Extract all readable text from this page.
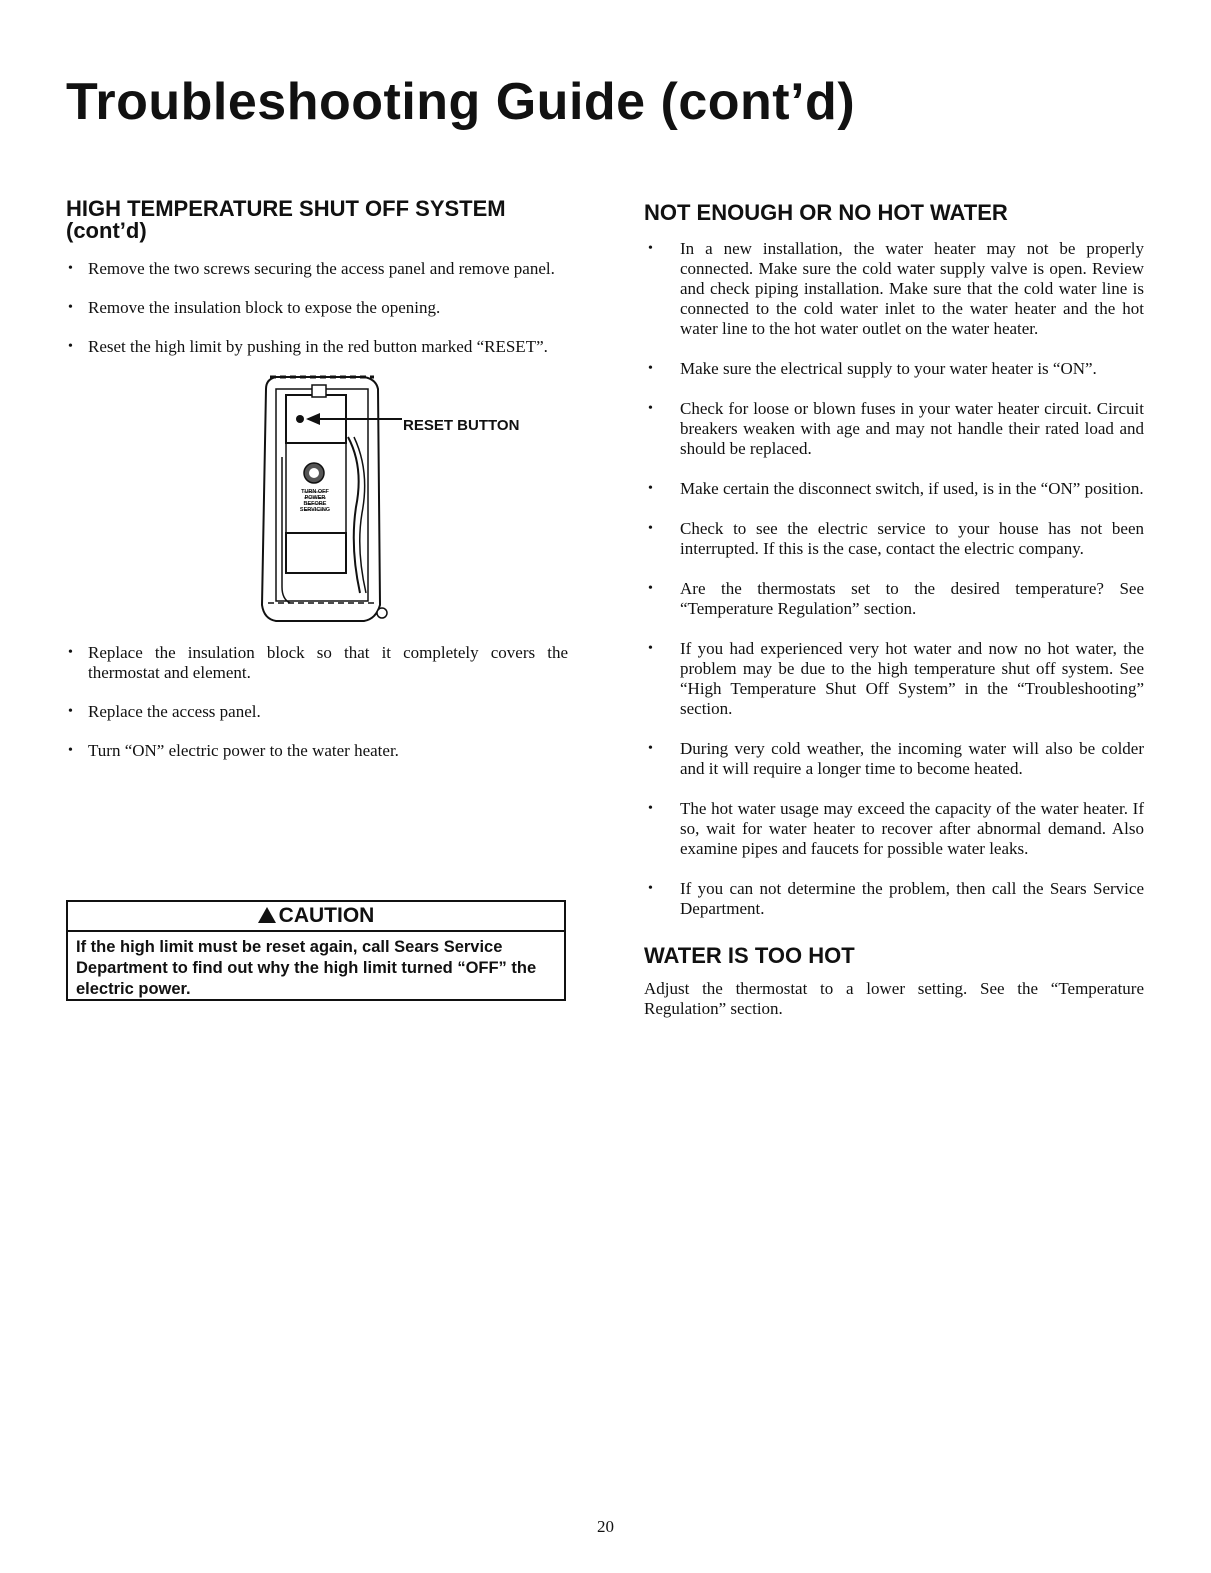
Troubleshooting Guide (cont’d)
HIGH TEMPERATURE SHUT OFF SYSTEM
(cont’d)
• Remove the two screws securing the access panel and remove panel.
• Remove the insulation block to expose the opening.
• Reset the high limit by pushing in the red button marked “RESET”.
TURN OFF
POWER
BEFORE
SERVICING
RESET BUTTON
• Replace the insulation block so that it completely covers the thermostat and element.
• Replace the access panel.
• Turn “ON” electric power to the water heater.
CAUTION
If the high limit must be reset again, call Sears Service Department to find out why the high limit turned “OFF” the electric power.
NOT ENOUGH OR NO HOT WATER
• In a new installation, the water heater may not be properly connected. Make sure the cold water supply valve is open. Review and check piping installation. Make sure that the cold water line is connected to the cold water inlet to the water heater and the hot water line to the hot water outlet on the water heater.
• Make sure the electrical supply to your water heater is “ON”.
• Check for loose or blown fuses in your water heater circuit. Circuit breakers weaken with age and may not handle their rated load and should be replaced.
• Make certain the disconnect switch, if used, is in the “ON” position.
• Check to see the electric service to your house has not been interrupted. If this is the case, contact the electric company.
• Are the thermostats set to the desired temperature? See “Temperature Regulation” section.
• If you had experienced very hot water and now no hot water, the problem may be due to the high temperature shut off system. See “High Temperature Shut Off System” in the “Troubleshooting” section.
• During very cold weather, the incoming water will also be colder and it will require a longer time to become heated.
• The hot water usage may exceed the capacity of the water heater. If so, wait for water heater to recover after abnormal demand. Also examine pipes and faucets for possible water leaks.
• If you can not determine the problem, then call the Sears Service Department.
WATER IS TOO HOT

Adjust the thermostat to a lower setting. See the “Temperature Regulation” section.

20
